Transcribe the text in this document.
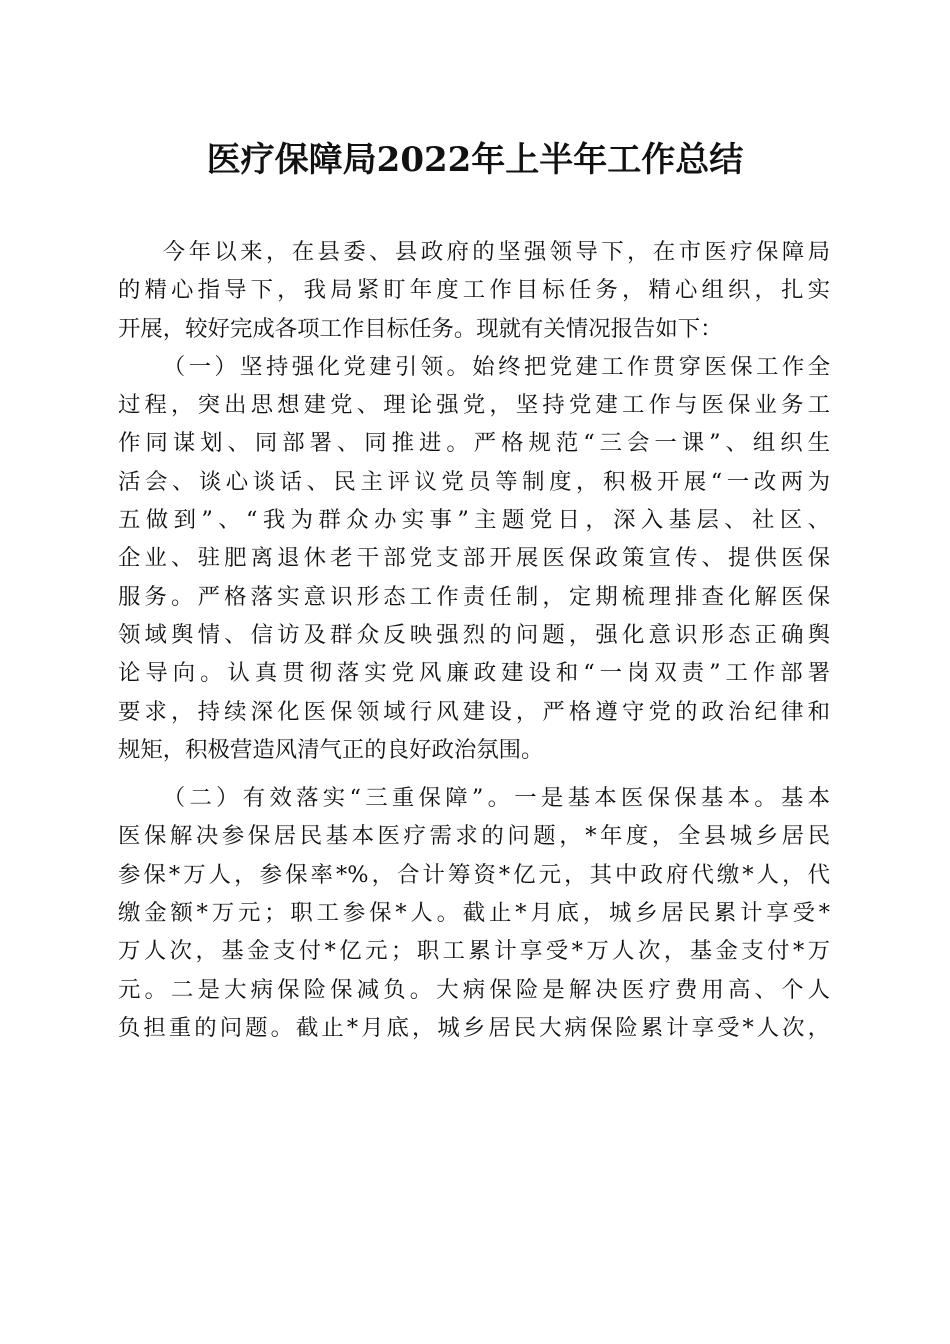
医疗保障局2022年上半年工作总结
今年以来，在县委、县政府的坚强领导下，在市医疗保障局
的精心指导下，我局紧盯年度工作目标任务，精心组织，扎实
开展，较好完成各项工作目标任务。现就有关情况报告如下：
（一）坚持强化党建引领。始终把党建工作贯穿医保工作全
过程，突出思想建党、理论强党，坚持党建工作与医保业务工
作同谋划、同部署、同推进。严格规范“三会一课”、组织生
活会、谈心谈话、民主评议党员等制度，积极开展“一改两为
五做到”、“我为群众办实事”主题党日，深入基层、社区、
企业、驻肥离退休老干部党支部开展医保政策宣传、提供医保
服务。严格落实意识形态工作责任制，定期梳理排查化解医保
领域舆情、信访及群众反映强烈的问题，强化意识形态正确舆
论导向。认真贯彻落实党风廉政建设和“一岗双责”工作部署
要求，持续深化医保领域行风建设，严格遵守党的政治纪律和
规矩，积极营造风清气正的良好政治氛围。
（二）有效落实“三重保障”。一是基本医保保基本。基本
医保解决参保居民基本医疗需求的问题，*年度，全县城乡居民
参保*万人，参保率*%，合计筹资*亿元，其中政府代缴*人，代
缴金额*万元；职工参保*人。截止*月底，城乡居民累计享受*
万人次，基金支付*亿元；职工累计享受*万人次，基金支付*万
元。二是大病保险保减负。大病保险是解决医疗费用高、个人
负担重的问题。截止*月底，城乡居民大病保险累计享受*人次，
